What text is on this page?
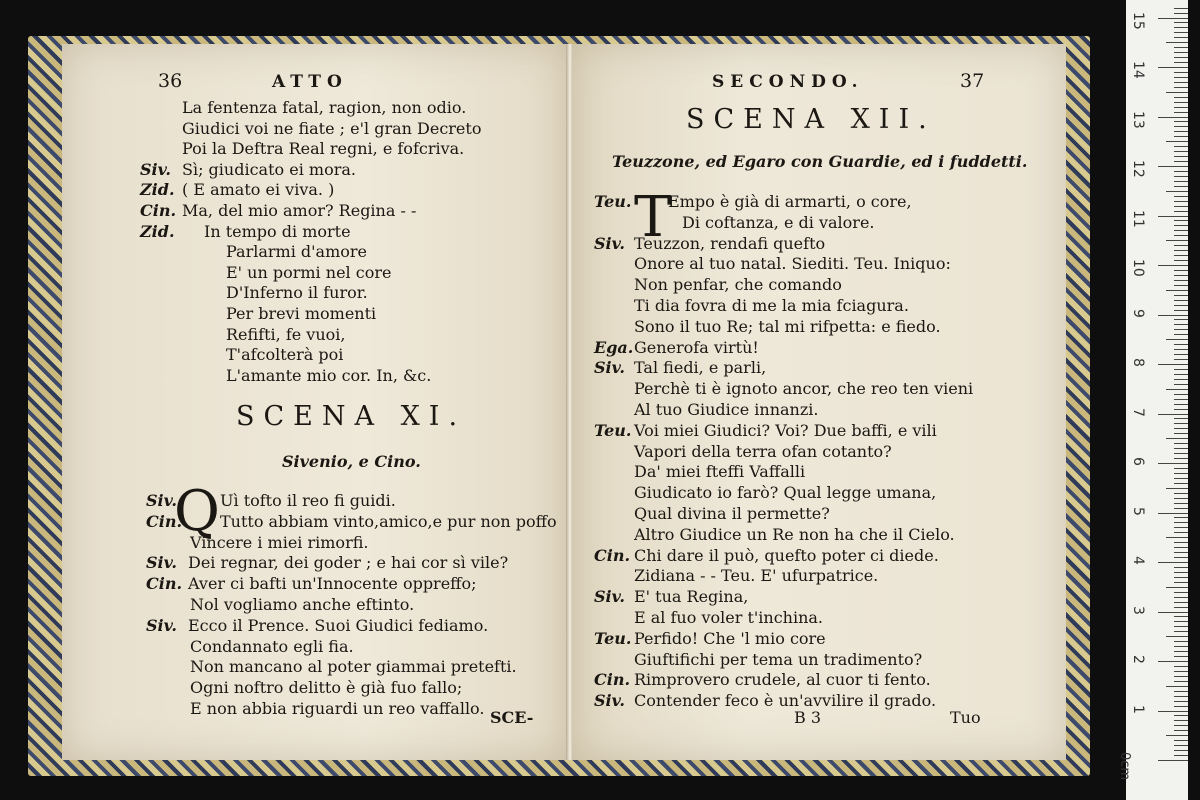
36	ATTO
La fentenza fatal, ragion, non odio.
Giudici voi ne fiate ; e'l gran Decreto
Poi la Deftra Real regni, e fofcriva.
Siv. Sì; giudicato ei mora.
Zid. ( E amato ei viva. )
Cin. Ma, del mio amor? Regina - -
Zid. In tempo di morte
Parlarmi d'amore
E' un pormi nel core
D'Inferno il furor.
Per brevi momenti
Refifti, fe vuoi,
T'afcolterà poi
L'amante mio cor. In, &c.
SCENA XI.
Sivenio, e Cino.
Q
Siv.	Uì tofto il reo fi guidi.
Cin. Tutto abbiam vinto,amico,e pur non poffo
Vincere i miei rimorfi.
Siv. Dei regnar, dei goder ; e hai cor sì vile?
Cin. Aver ci bafti un'Innocente oppreffo;
Nol vogliamo anche eftinto.
Siv. Ecco il Prence. Suoi Giudici fediamo.
Condannato egli fia.
Non mancano al poter giammai pretefti.
Ogni noftro delitto è già fuo fallo;
E non abbia riguardi un reo vaffallo. SCE-
SECONDO.	37
SCENA XII.
Teuzzone, ed Egaro con Guardie, ed i fuddetti.
T
Teu. Empo è già di armarti, o core,
Di coftanza, e di valore.
Siv. Teuzzon, rendafi quefto
Onore al tuo natal. Siediti. Teu. Iniquo:
Non penfar, che comando
Ti dia fovra di me la mia fciagura.
Sono il tuo Re; tal mi rifpetta: e fiedo.
Ega. Generofa virtù!
Siv. Tal fiedi, e parli,
Perchè ti è ignoto ancor, che reo ten vieni
Al tuo Giudice innanzi.
Teu. Voi miei Giudici? Voi? Due baffi, e vili
Vapori della terra ofan cotanto?
Da' miei fteffi Vaffalli
Giudicato io farò? Qual legge umana,
Qual divina il permette?
Altro Giudice un Re non ha che il Cielo.
Cin. Chi dare il può, quefto poter ci diede.
Zidiana - - Teu. E' ufurpatrice.
Siv. E' tua Regina,
E al fuo voler t'inchina.
Teu. Perfido! Che 'l mio core
Giuftifichi per tema un tradimento?
Cin. Rimprovero crudele, al cuor ti fento.
Siv. Contender feco è un'avvilire il grado.
B 3	Tuo
0cm
1
2
3
4
5
6
7
8
9
10
11
12
13
14
15
